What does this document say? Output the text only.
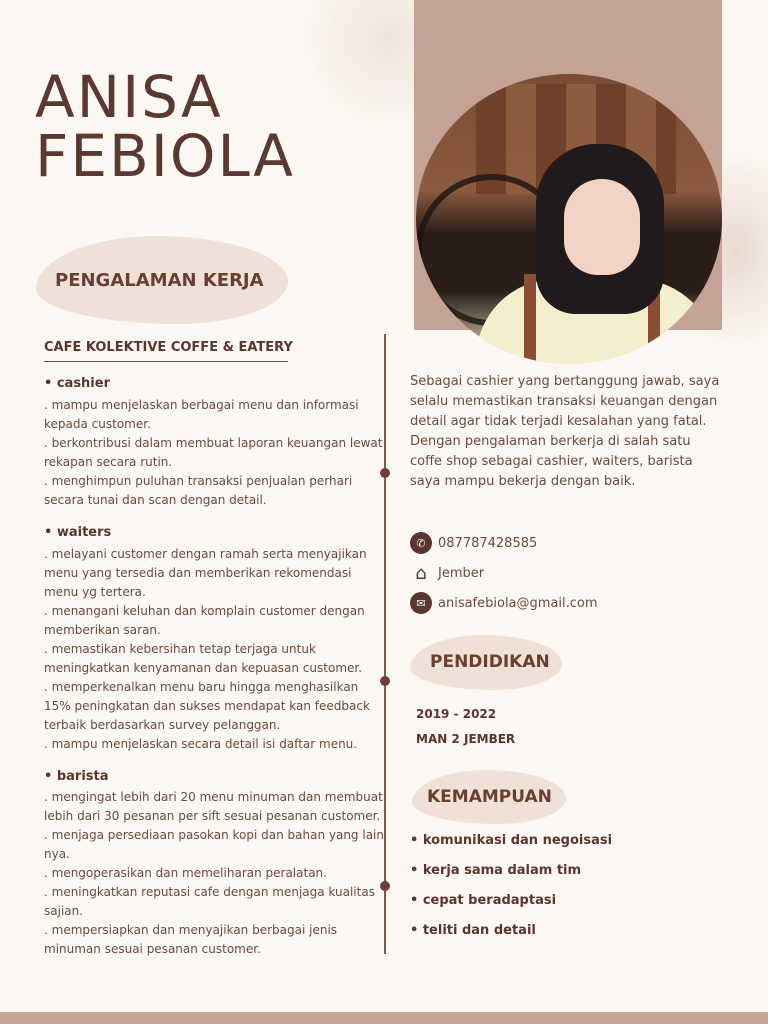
ANISA
FEBIOLA
PENGALAMAN KERJA
CAFE KOLEKTIVE COFFE & EATERY
• cashier
. mampu menjelaskan berbagai menu dan informasi kepada customer.
. berkontribusi dalam membuat laporan keuangan lewat rekapan secara rutin.
. menghimpun puluhan transaksi penjualan perhari secara tunai dan scan dengan detail.
• waiters
. melayani customer dengan ramah serta menyajikan menu yang tersedia dan memberikan rekomendasi menu yg tertera.
. menangani keluhan dan komplain customer dengan memberikan saran.
. memastikan kebersihan tetap terjaga untuk meningkatkan kenyamanan dan kepuasan customer.
. memperkenalkan menu baru hingga menghasilkan 15% peningkatan dan sukses mendapat kan feedback terbaik berdasarkan survey pelanggan.
. mampu menjelaskan secara detail isi daftar menu.
• barista
. mengingat lebih dari 20 menu minuman dan membuat lebih dari 30 pesanan per sift sesuai pesanan customer.
. menjaga persediaan pasokan kopi dan bahan yang lain nya.
. mengoperasikan dan memeliharan peralatan.
. meningkatkan reputasi cafe dengan menjaga kualitas sajian.
. mempersiapkan dan menyajikan berbagai jenis minuman sesuai pesanan customer.
Sebagai cashier yang bertanggung jawab, saya selalu memastikan transaksi keuangan dengan detail agar tidak terjadi kesalahan yang fatal. Dengan pengalaman berkerja di salah satu coffe shop sebagai cashier, waiters, barista saya mampu bekerja dengan baik.
✆ 087787428585
⌂ Jember
✉ anisafebiola@gmail.com
PENDIDIKAN
2019 - 2022
MAN 2 JEMBER
KEMAMPUAN
• komunikasi dan negoisasi
• kerja sama dalam tim
• cepat beradaptasi
• teliti dan detail
